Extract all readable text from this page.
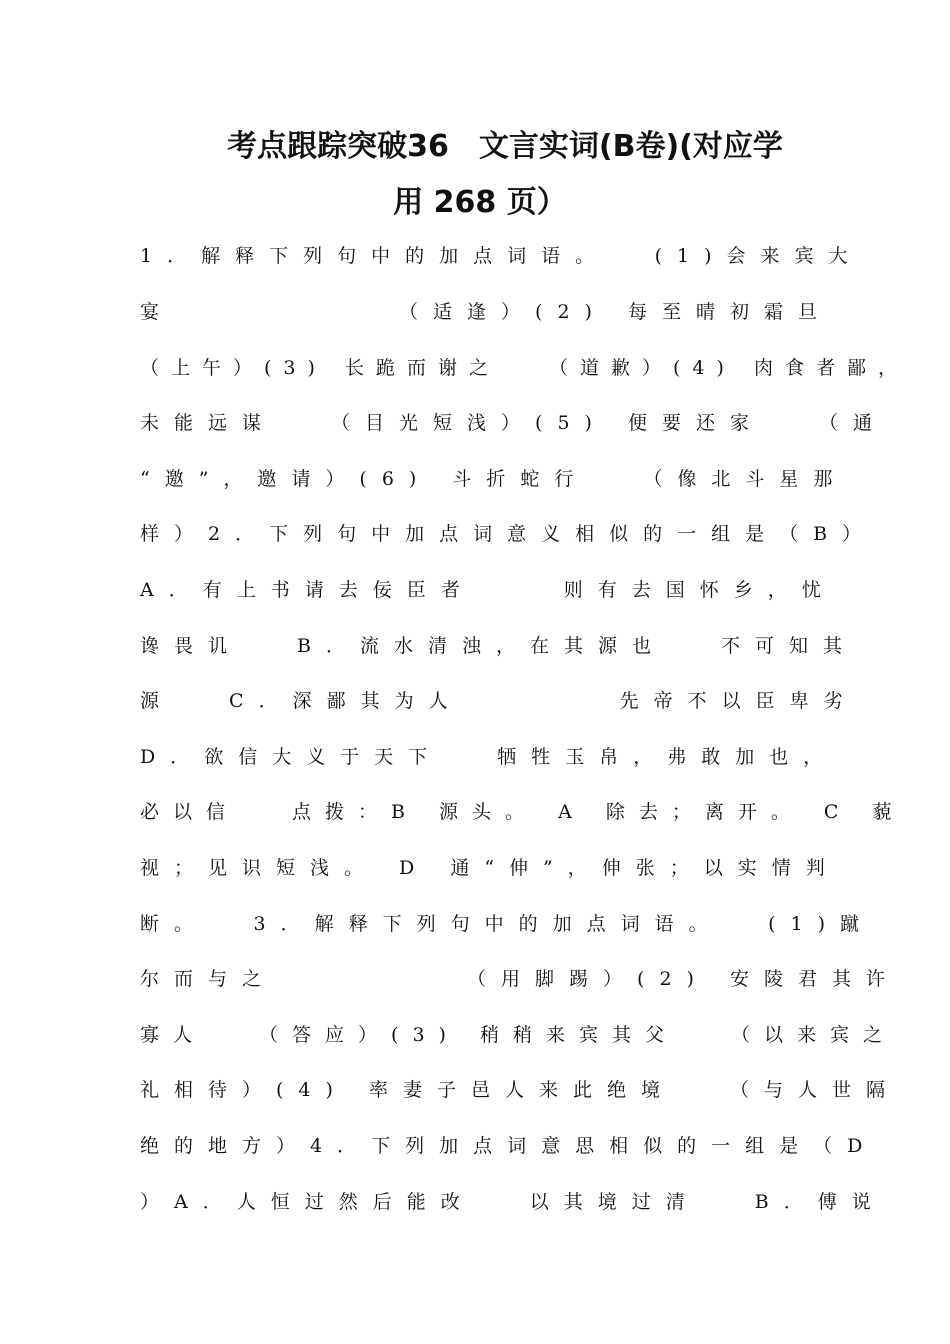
考点跟踪突破36　文言实词(B卷)(对应学
用 268 页）
1．解释下列句中的加点词语。　 (1)会来宾大
宴　　　　　　 （适逢）(2) 每至晴初霜旦
（上午）(3) 长跪而谢之　 （道歉）(4) 肉食者鄙，
未能远谋　 （目光短浅）(5) 便要还家　 （通
“邀”，邀请）(6) 斗折蛇行　 （像北斗星那
样）2．下列句中加点词意义相似的一组是（B）
A．有上书请去佞臣者　　 则有去国怀乡，忧
谗畏讥　 B．流水清浊，在其源也　 不可知其
源　 C．深鄙其为人　　　　 先帝不以臣卑劣
D．欲信大义于天下　 牺牲玉帛，弗敢加也，
必以信　 点拨：B 源头。 A 除去；离开。 C 藐
视；见识短浅。 D 通“伸”，伸张；以实情判
断。　 3．解释下列句中的加点词语。　 (1)蹴
尔而与之　　　　　 （用脚踢）(2) 安陵君其许
寡人　 （答应）(3) 稍稍来宾其父　 （以来宾之
礼相待）(4) 率妻子邑人来此绝境　 （与人世隔
绝的地方）4．下列加点词意思相似的一组是（D
）A．人恒过然后能改　 以其境过清　 B．傅说
